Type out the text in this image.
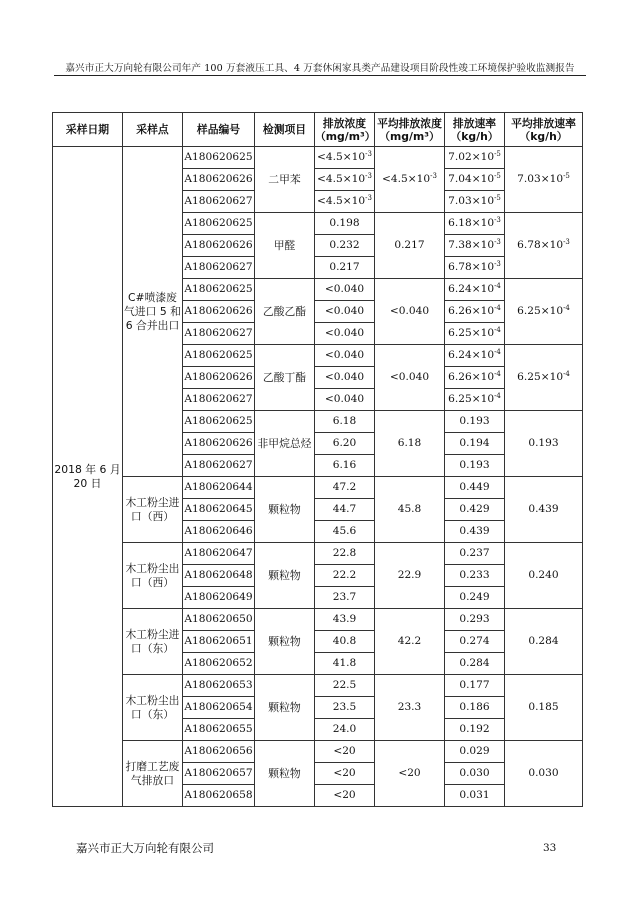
嘉兴市正大万向轮有限公司年产 100 万套液压工具、4 万套休闲家具类产品建设项目阶段性竣工环境保护验收监测报告
采样日期	采样点	样品编号	检测项目	排放浓度（mg/m³）	平均排放浓度（mg/m³）	排放速率（kg/h）	平均排放速率（kg/h）
2018 年 6 月 20 日	C#喷漆废气进口 5 和 6 合并出口	A180620625	二甲苯	$<4.5\times 10^{-3}$	$<4.5\times 10^{-3}$	$7.02\times 10^{-5}$	$7.03\times 10^{-5}$
		A180620626		$<4.5\times 10^{-3}$		$7.04\times 10^{-5}$
		A180620627		$<4.5\times 10^{-3}$		$7.03\times 10^{-5}$
		A180620625	甲醛	0.198	0.217	$6.18\times 10^{-3}$	$6.78\times 10^{-3}$
		A180620626		0.232		$7.38\times 10^{-3}$
		A180620627		0.217		$6.78\times 10^{-3}$
		A180620625	乙酸乙酯	<0.040	<0.040	$6.24\times 10^{-4}$	$6.25\times 10^{-4}$
		A180620626		<0.040		$6.26\times 10^{-4}$
		A180620627		<0.040		$6.25\times 10^{-4}$
		A180620625	乙酸丁酯	<0.040	<0.040	$6.24\times 10^{-4}$	$6.25\times 10^{-4}$
		A180620626		<0.040		$6.26\times 10^{-4}$
		A180620627		<0.040		$6.25\times 10^{-4}$
		A180620625	非甲烷总烃	6.18	6.18	0.193	0.193
		A180620626		6.20		0.194	
		A180620627		6.16		0.193	
	木工粉尘进口（西）	A180620644	颗粒物	47.2	45.8	0.449	0.439
		A180620645		44.7		0.429	
		A180620646		45.6		0.439	
	木工粉尘出口（西）	A180620647	颗粒物	22.8	22.9	0.237	0.240
		A180620648		22.2		0.233	
		A180620649		23.7		0.249	
	木工粉尘进口（东）	A180620650	颗粒物	43.9	42.2	0.293	0.284
		A180620651		40.8		0.274	
		A180620652		41.8		0.284	
	木工粉尘出口（东）	A180620653	颗粒物	22.5	23.3	0.177	0.185
		A180620654		23.5		0.186	
		A180620655		24.0		0.192	
	打磨工艺废气排放口	A180620656	颗粒物	<20	<20	0.029	0.030
		A180620657		<20		0.030	
		A180620658		<20		0.031	
嘉兴市正大万向轮有限公司	33
